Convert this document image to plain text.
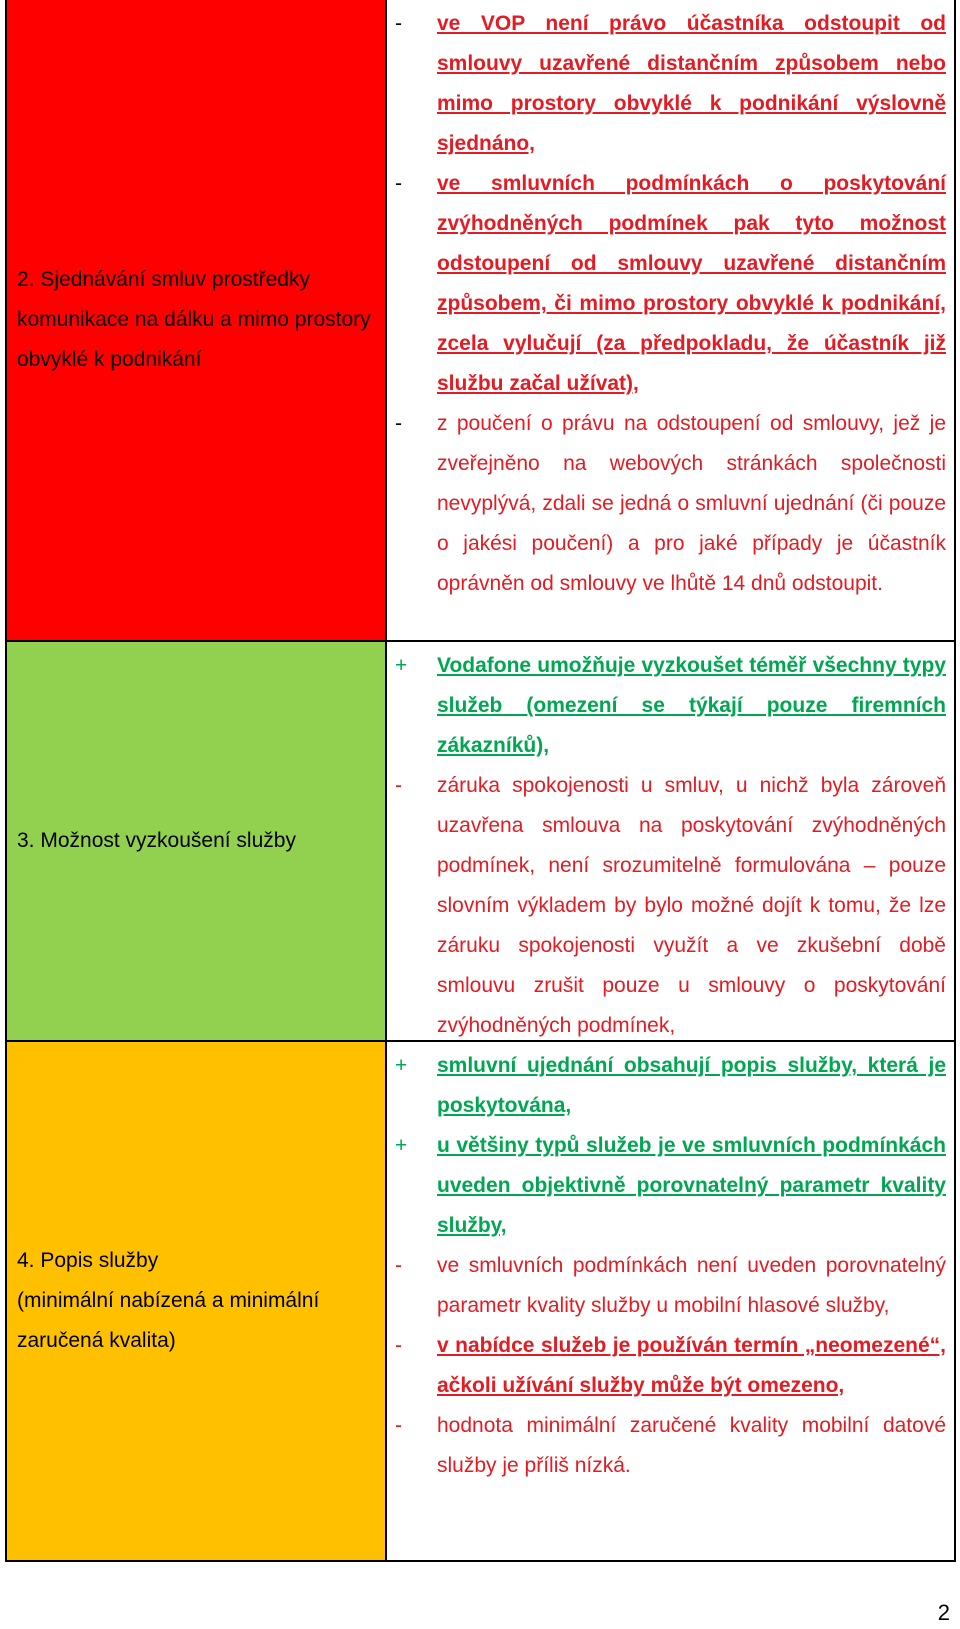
2. Sjednávání smluv prostředky komunikace na dálku a mimo prostory obvyklé k podnikání
-	ve VOP není právo účastníka odstoupit od smlouvy uzavřené distančním způsobem nebo mimo prostory obvyklé k podnikání výslovně sjednáno,
-	ve smluvních podmínkách o poskytování zvýhodněných podmínek pak tyto možnost odstoupení od smlouvy uzavřené distančním způsobem, či mimo prostory obvyklé k podnikání, zcela vylučují (za předpokladu, že účastník již službu začal užívat),
-	z poučení o právu na odstoupení od smlouvy, jež je zveřejněno na webových stránkách společnosti nevyplývá, zdali se jedná o smluvní ujednání (či pouze o jakési poučení) a pro jaké případy je účastník oprávněn od smlouvy ve lhůtě 14 dnů odstoupit.
3. Možnost vyzkoušení služby
+	Vodafone umožňuje vyzkoušet téměř všechny typy služeb (omezení se týkají pouze firemních zákazníků),
-	záruka spokojenosti u smluv, u nichž byla zároveň uzavřena smlouva na poskytování zvýhodněných podmínek, není srozumitelně formulována – pouze slovním výkladem by bylo možné dojít k tomu, že lze záruku spokojenosti využít a ve zkušební době smlouvu zrušit pouze u smlouvy o poskytování zvýhodněných podmínek,
4. Popis služby
(minimální nabízená a minimální zaručená kvalita)
+	smluvní ujednání obsahují popis služby, která je poskytována,
+	u většiny typů služeb je ve smluvních podmínkách uveden objektivně porovnatelný parametr kvality služby,
-	ve smluvních podmínkách není uveden porovnatelný parametr kvality služby u mobilní hlasové služby,
-	v nabídce služeb je používán termín „neomezené“, ačkoli užívání služby může být omezeno,
-	hodnota minimální zaručené kvality mobilní datové služby je příliš nízká.
2
